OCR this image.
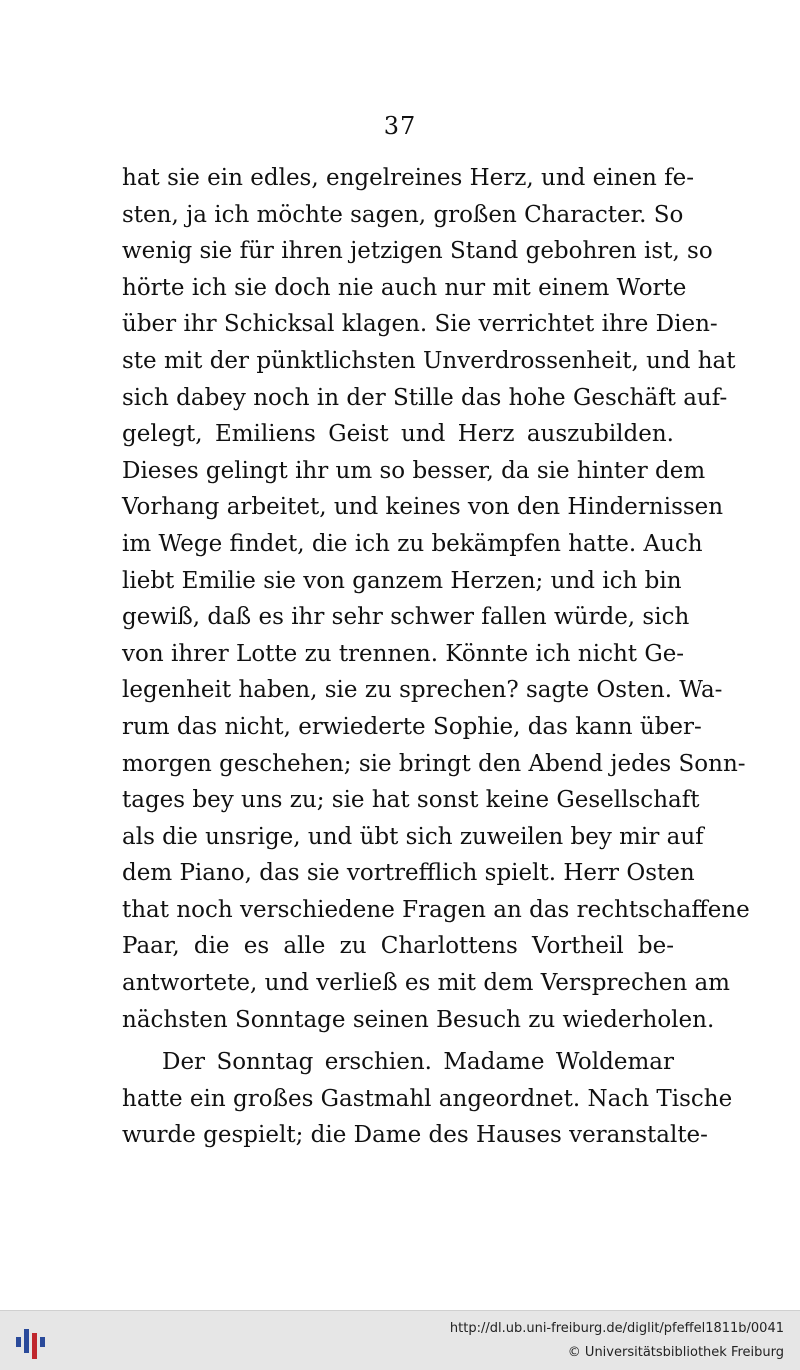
37
hat sie ein edles, engelreines Herz, und einen fe-
sten, ja ich möchte sagen, großen Character. So
wenig sie für ihren jetzigen Stand gebohren ist, so
hörte ich sie doch nie auch nur mit einem Worte
über ihr Schicksal klagen. Sie verrichtet ihre Dien-
ste mit der pünktlichsten Unverdrossenheit, und hat
sich dabey noch in der Stille das hohe Geschäft auf-
gelegt, Emiliens Geist und Herz auszubilden.
Dieses gelingt ihr um so besser, da sie hinter dem
Vorhang arbeitet, und keines von den Hindernissen
im Wege findet, die ich zu bekämpfen hatte. Auch
liebt Emilie sie von ganzem Herzen; und ich bin
gewiß, daß es ihr sehr schwer fallen würde, sich
von ihrer Lotte zu trennen. Könnte ich nicht Ge-
legenheit haben, sie zu sprechen? sagte Osten. Wa-
rum das nicht, erwiederte Sophie, das kann über-
morgen geschehen; sie bringt den Abend jedes Sonn-
tages bey uns zu; sie hat sonst keine Gesellschaft
als die unsrige, und übt sich zuweilen bey mir auf
dem Piano, das sie vortrefflich spielt. Herr Osten
that noch verschiedene Fragen an das rechtschaffene
Paar, die es alle zu Charlottens Vortheil be-
antwortete, und verließ es mit dem Versprechen am
nächsten Sonntage seinen Besuch zu wiederholen.
Der Sonntag erschien. Madame Woldemar
hatte ein großes Gastmahl angeordnet. Nach Tische
wurde gespielt; die Dame des Hauses veranstalte-
http://dl.ub.uni-freiburg.de/diglit/pfeffel1811b/0041
© Universitätsbibliothek Freiburg
